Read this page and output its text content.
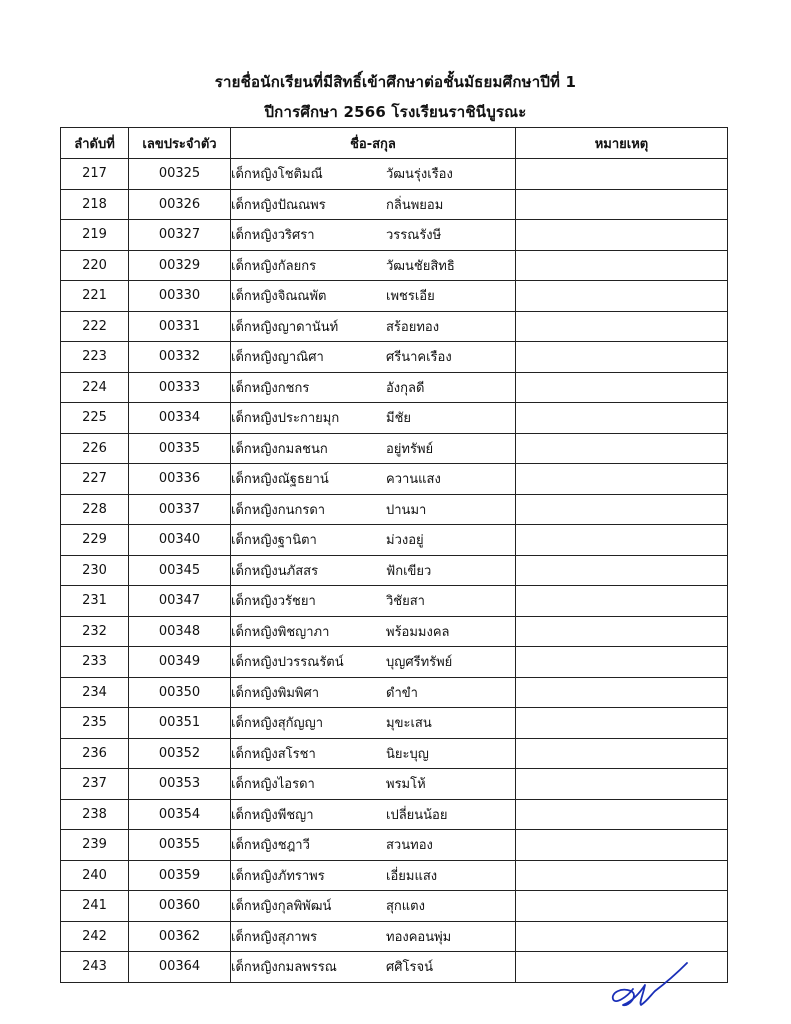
รายชื่อนักเรียนที่มีสิทธิ์เข้าศึกษาต่อชั้นมัธยมศึกษาปีที่ 1
ปีการศึกษา 2566 โรงเรียนราชินีบูรณะ
ลำดับที่	เลขประจำตัว	ชื่อ-สกุล	หมายเหตุ
217	00325	เด็กหญิงโชติมณี วัฒนรุ่งเรือง	
218	00326	เด็กหญิงปัณณพร กลิ่นพยอม	
219	00327	เด็กหญิงวริศรา วรรณรังษี	
220	00329	เด็กหญิงกัลยกร วัฒนชัยสิทธิ	
221	00330	เด็กหญิงจิณณพัต เพชรเอีย	
222	00331	เด็กหญิงญาดานันท์ สร้อยทอง	
223	00332	เด็กหญิงญาณิศา ศรีนาคเรือง	
224	00333	เด็กหญิงกชกร อังกุลดี	
225	00334	เด็กหญิงประกายมุก มีชัย	
226	00335	เด็กหญิงกมลชนก อยู่ทรัพย์	
227	00336	เด็กหญิงณัฐธยาน์ ควานแสง	
228	00337	เด็กหญิงกนกรดา ปานมา	
229	00340	เด็กหญิงฐานิตา ม่วงอยู่	
230	00345	เด็กหญิงนภัสสร ฟักเขียว	
231	00347	เด็กหญิงวรัชยา วิชัยสา	
232	00348	เด็กหญิงพิชญาภา พร้อมมงคล	
233	00349	เด็กหญิงปวรรณรัตน์ บุญศรีทรัพย์	
234	00350	เด็กหญิงพิมพิศา ดำขำ	
235	00351	เด็กหญิงสุกัญญา มุขะเสน	
236	00352	เด็กหญิงสโรชา นิยะบุญ	
237	00353	เด็กหญิงไอรดา พรมโห้	
238	00354	เด็กหญิงพีชญา เปลี่ยนน้อย	
239	00355	เด็กหญิงชฎาวี สวนทอง	
240	00359	เด็กหญิงภัทราพร เอี่ยมแสง	
241	00360	เด็กหญิงกุลพิพัฒน์ สุกแตง	
242	00362	เด็กหญิงสุภาพร ทองคอนพุ่ม	
243	00364	เด็กหญิงกมลพรรณ ศศิโรจน์	
